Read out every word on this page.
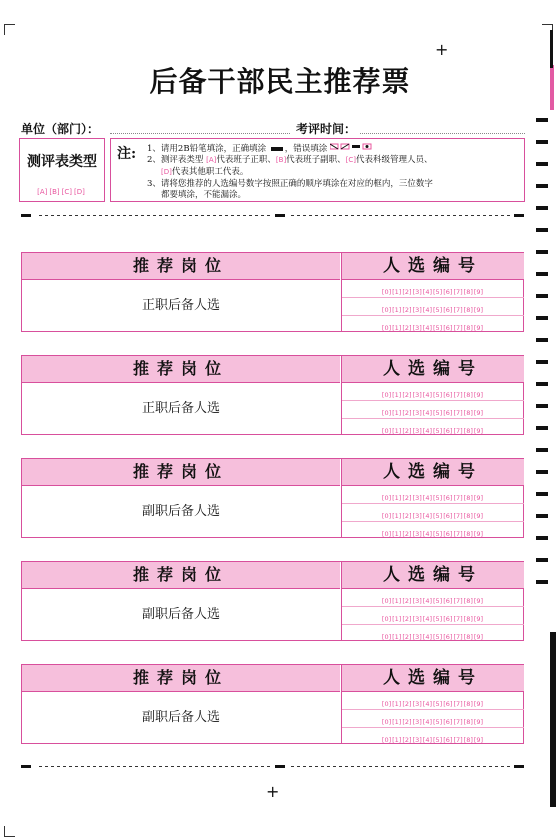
+
+
后备干部民主推荐票
单位（部门）：	考评时间：
测评表类型
[A] [B] [C] [D]
注: 1、请用2B铅笔填涂，正确填涂 ，错误填涂
2、测评表类型 [A]代表班子正职、[B]代表班子副职、[C]代表科级管理人员、
[D]代表其他职工代表。
3、请将您推荐的人选编号数字按照正确的顺序填涂在对应的框内，三位数字
都要填涂，不能漏涂。
推荐岗位	人选编号
正职后备人选
[0][1][2][3][4][5][6][7][8][9]
[0][1][2][3][4][5][6][7][8][9]
[0][1][2][3][4][5][6][7][8][9]
推荐岗位	人选编号
正职后备人选
[0][1][2][3][4][5][6][7][8][9]
[0][1][2][3][4][5][6][7][8][9]
[0][1][2][3][4][5][6][7][8][9]
推荐岗位	人选编号
副职后备人选
[0][1][2][3][4][5][6][7][8][9]
[0][1][2][3][4][5][6][7][8][9]
[0][1][2][3][4][5][6][7][8][9]
推荐岗位	人选编号
副职后备人选
[0][1][2][3][4][5][6][7][8][9]
[0][1][2][3][4][5][6][7][8][9]
[0][1][2][3][4][5][6][7][8][9]
推荐岗位	人选编号
副职后备人选
[0][1][2][3][4][5][6][7][8][9]
[0][1][2][3][4][5][6][7][8][9]
[0][1][2][3][4][5][6][7][8][9]
